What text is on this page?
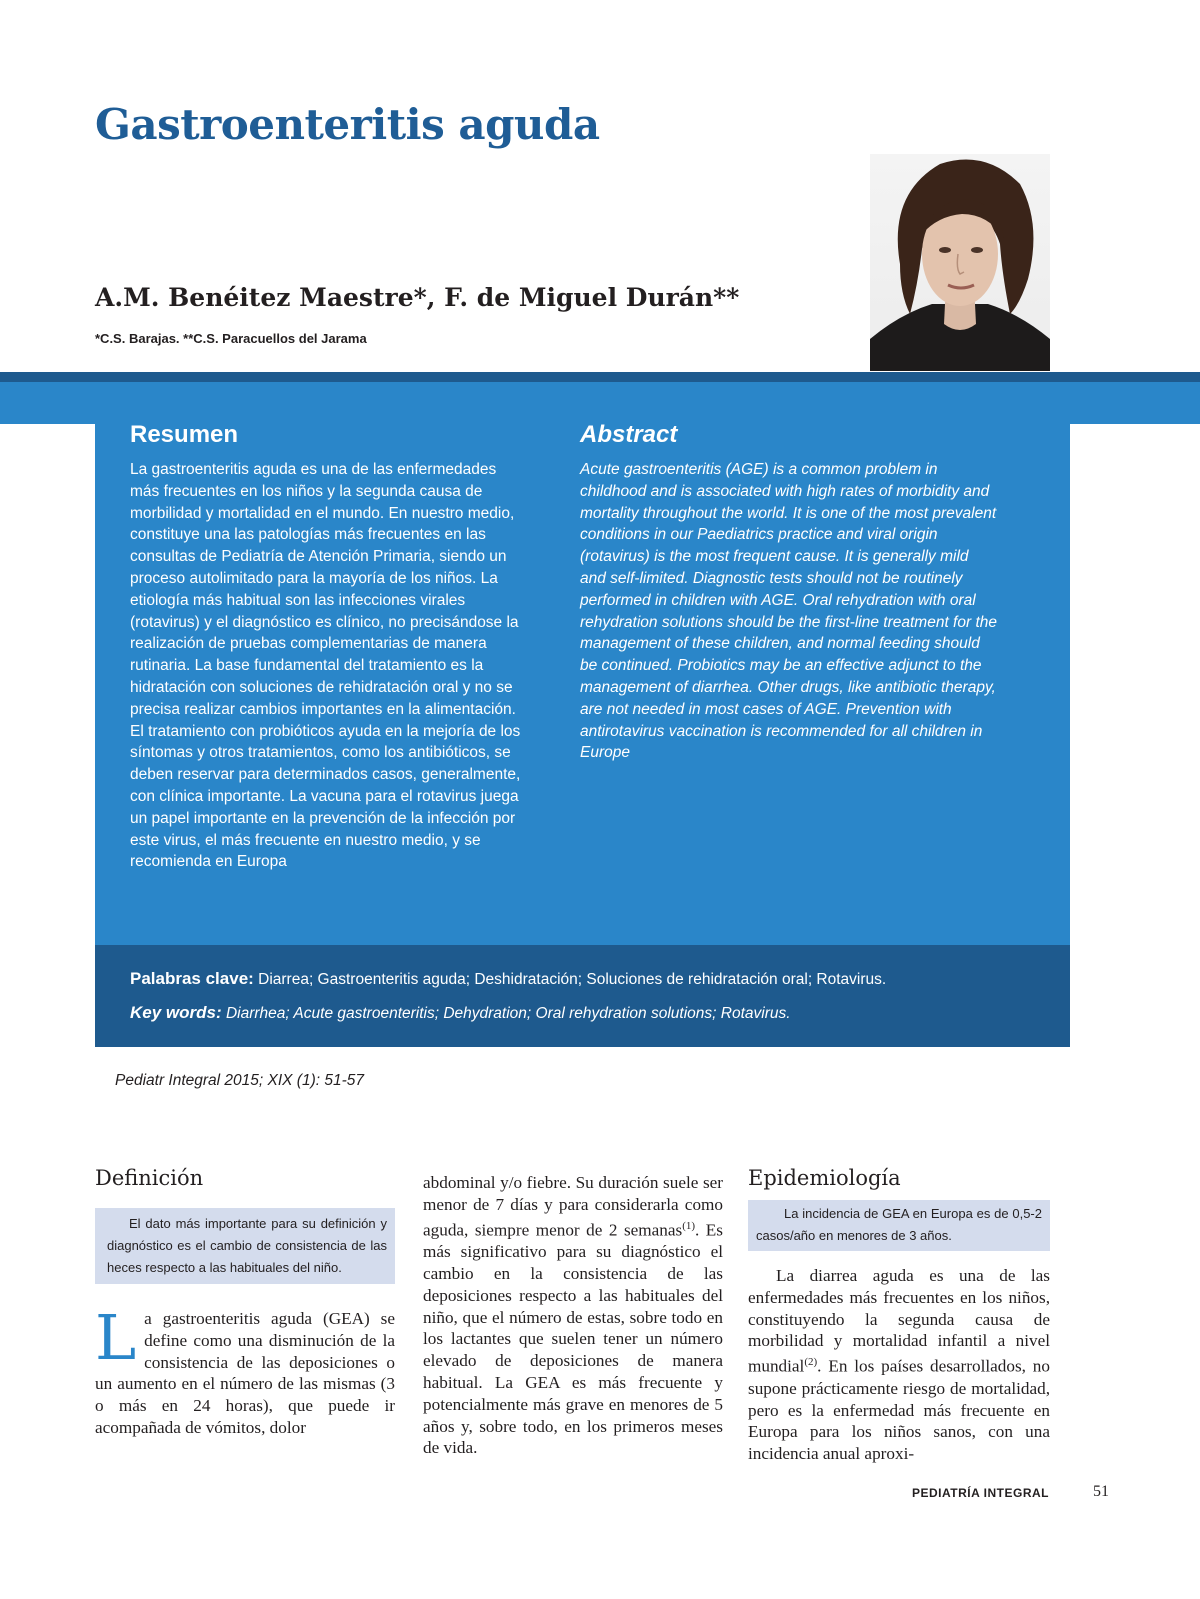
Gastroenteritis aguda
A.M. Benéitez Maestre*, F. de Miguel Durán**
*C.S. Barajas. **C.S. Paracuellos del Jarama
Resumen

La gastroenteritis aguda es una de las enfermedades más frecuentes en los niños y la segunda causa de morbilidad y mortalidad en el mundo. En nuestro medio, constituye una las patologías más frecuentes en las consultas de Pediatría de Atención Primaria, siendo un proceso autolimitado para la mayoría de los niños. La etiología más habitual son las infecciones virales (rotavirus) y el diagnóstico es clínico, no precisándose la realización de pruebas complementarias de manera rutinaria. La base fundamental del tratamiento es la hidratación con soluciones de rehidratación oral y no se precisa realizar cambios importantes en la alimentación. El tratamiento con probióticos ayuda en la mejoría de los síntomas y otros tratamientos, como los antibióticos, se deben reservar para determinados casos, generalmente, con clínica importante. La vacuna para el rotavirus juega un papel importante en la prevención de la infección por este virus, el más frecuente en nuestro medio, y se recomienda en Europa

Abstract

Acute gastroenteritis (AGE) is a common problem in childhood and is associated with high rates of morbidity and mortality throughout the world. It is one of the most prevalent conditions in our Paediatrics practice and viral origin (rotavirus) is the most frequent cause. It is generally mild and self-limited. Diagnostic tests should not be routinely performed in children with AGE. Oral rehydration with oral rehydration solutions should be the first-line treatment for the management of these children, and normal feeding should be continued. Probiotics may be an effective adjunct to the management of diarrhea. Other drugs, like antibiotic therapy, are not needed in most cases of AGE. Prevention with antirotavirus vaccination is recommended for all children in Europe

Palabras clave: Diarrea; Gastroenteritis aguda; Deshidratación; Soluciones de rehidratación oral; Rotavirus.

Key words: Diarrhea; Acute gastroenteritis; Dehydration; Oral rehydration solutions; Rotavirus.

Pediatr Integral 2015; XIX (1): 51-57
Definición
El dato más importante para su definición y diagnóstico es el cambio de consistencia de las heces respecto a las habituales del niño.

La gastroenteritis aguda (GEA) se define como una disminución de la consistencia de las deposiciones o un aumento en el número de las mismas (3 o más en 24 horas), que puede ir acompañada de vómitos, dolor

abdominal y/o fiebre. Su duración suele ser menor de 7 días y para considerarla como aguda, siempre menor de 2 semanas$^{(1)}$. Es más significativo para su diagnóstico el cambio en la consistencia de las deposiciones respecto a las habituales del niño, que el número de estas, sobre todo en los lactantes que suelen tener un número elevado de deposiciones de manera habitual. La GEA es más frecuente y potencialmente más grave en menores de 5 años y, sobre todo, en los primeros meses de vida.

Epidemiología
La incidencia de GEA en Europa es de 0,5-2 casos/año en menores de 3 años.

La diarrea aguda es una de las enfermedades más frecuentes en los niños, constituyendo la segunda causa de morbilidad y mortalidad infantil a nivel mundial$^{(2)}$. En los países desarrollados, no supone prácticamente riesgo de mortalidad, pero es la enfermedad más frecuente en Europa para los niños sanos, con una incidencia anual aproxi-

PEDIATRÍA INTEGRAL	51
